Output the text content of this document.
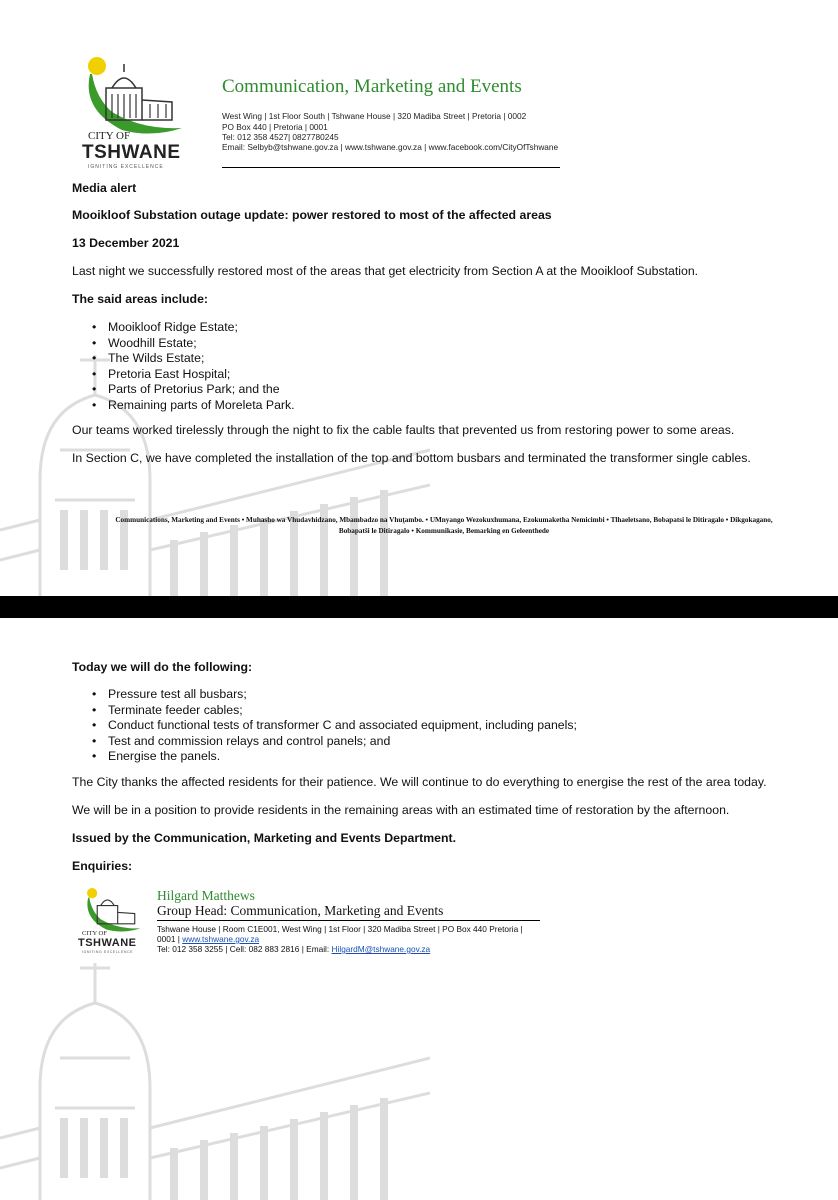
CITY OF
TSHWANE
IGNITING EXCELLENCE
Communication, Marketing and Events
West Wing | 1st Floor South | Tshwane House | 320 Madiba Street | Pretoria | 0002
PO Box 440 | Pretoria | 0001
Tel: 012 358 4527| 0827780245
Email: Selbyb@tshwane.gov.za | www.tshwane.gov.za | www.facebook.com/CityOfTshwane
Media alert
Mooikloof Substation outage update: power restored to most of the affected areas
13 December 2021
Last night we successfully restored most of the areas that get electricity from Section A at the Mooikloof Substation.
The said areas include:
• Mooikloof Ridge Estate;
• Woodhill Estate;
• The Wilds Estate;
• Pretoria East Hospital;
• Parts of Pretorius Park; and the
• Remaining parts of Moreleta Park.
Our teams worked tirelessly through the night to fix the cable faults that prevented us from restoring power to some areas.
In Section C, we have completed the installation of the top and bottom busbars and terminated the transformer single cables.
Communications, Marketing and Events • Muhasho wa Vhudavhidzano, Mbambadzo na Vhuṱambo. • UMnyango Wezokuxhumana, Ezokumaketha Nemicimbi • Tlhaeletsano, Bobapatsi le Ditiragalo • Dikgokagano,
Bobapatši le Ditiragalo • Kommunikasie, Bemarking en Geleenthede
Today we will do the following:
• Pressure test all busbars;
• Terminate feeder cables;
• Conduct functional tests of transformer C and associated equipment, including panels;
• Test and commission relays and control panels; and
• Energise the panels.
The City thanks the affected residents for their patience. We will continue to do everything to energise the rest of the area today.
We will be in a position to provide residents in the remaining areas with an estimated time of restoration by the afternoon.
Issued by the Communication, Marketing and Events Department.
Enquiries:
CITY OF
TSHWANE
IGNITING EXCELLENCE
Hilgard Matthews
Group Head: Communication, Marketing and Events
Tshwane House | Room C1E001, West Wing | 1st Floor | 320 Madiba Street | PO Box 440 Pretoria |
0001 | www.tshwane.gov.za
Tel: 012 358 3255 | Cell: 082 883 2816 | Email: HilgardM@tshwane.gov.za
